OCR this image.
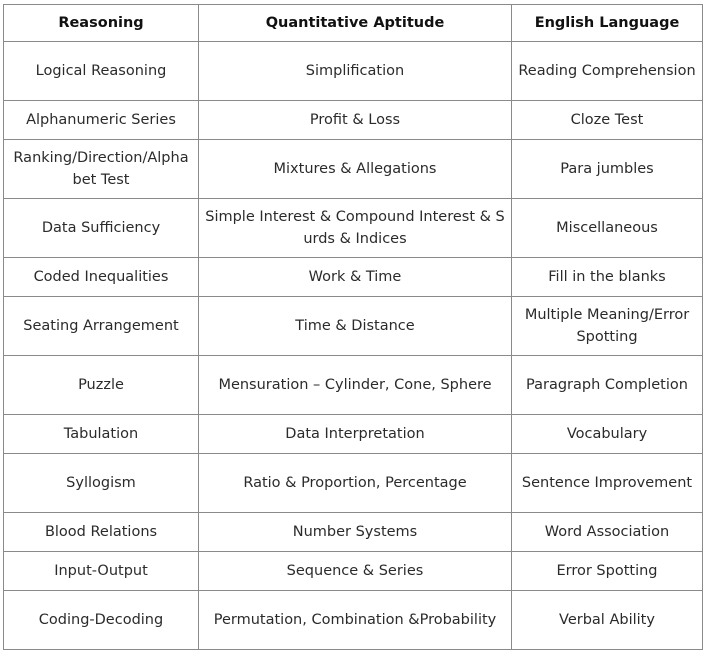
Reasoning	Quantitative Aptitude	English Language
Logical Reasoning	Simplification	Reading Comprehension
Alphanumeric Series	Profit & Loss	Cloze Test
Ranking/Direction/Alphabet Test	Mixtures & Allegations	Para jumbles
Data Sufficiency	Simple Interest & Compound Interest & Surds & Indices	Miscellaneous
Coded Inequalities	Work & Time	Fill in the blanks
Seating Arrangement	Time & Distance	Multiple Meaning/Error Spotting
Puzzle	Mensuration – Cylinder, Cone, Sphere	Paragraph Completion
Tabulation	Data Interpretation	Vocabulary
Syllogism	Ratio & Proportion, Percentage	Sentence Improvement
Blood Relations	Number Systems	Word Association
Input-Output	Sequence & Series	Error Spotting
Coding-Decoding	Permutation, Combination &Probability	Verbal Ability
